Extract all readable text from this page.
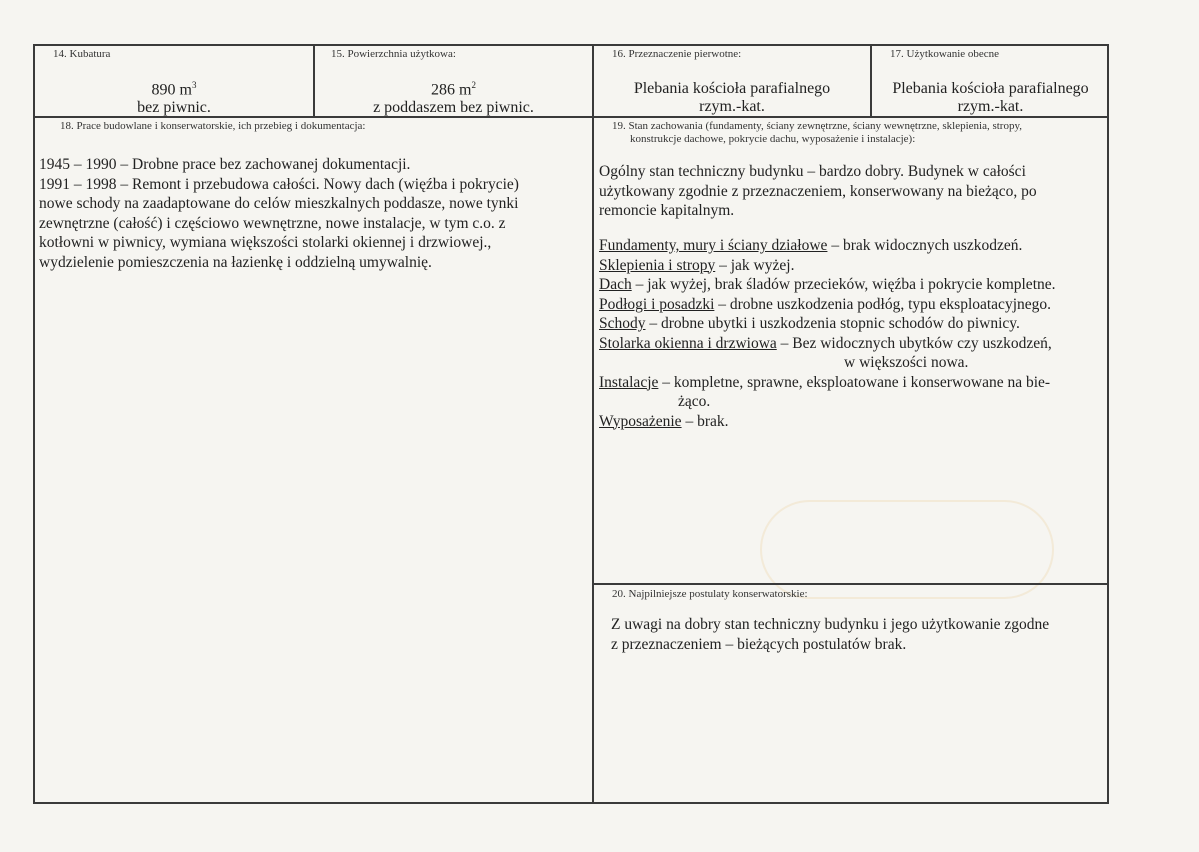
14. Kubatura
890 $m^3$
bez piwnic.
15. Powierzchnia użytkowa:
286 $m^2$
z poddaszem bez piwnic.
16. Przeznaczenie pierwotne:
Plebania kościoła parafialnego
rzym.-kat.
17. Użytkowanie obecne
Plebania kościoła parafialnego
rzym.-kat.
18. Prace budowlane i konserwatorskie, ich przebieg i dokumentacja:
1945 – 1990 – Drobne prace bez zachowanej dokumentacji.
1991 – 1998 – Remont i przebudowa całości. Nowy dach (więźba i pokrycie)
nowe schody na zaadaptowane do celów mieszkalnych poddasze, nowe tynki
zewnętrzne (całość) i częściowo wewnętrzne, nowe instalacje, w tym c.o. z
kotłowni w piwnicy, wymiana większości stolarki okiennej i drzwiowej.,
wydzielenie pomieszczenia na łazienkę i oddzielną umywalnię.
19. Stan zachowania (fundamenty, ściany zewnętrzne, ściany wewnętrzne, sklepienia, stropy,
konstrukcje dachowe, pokrycie dachu, wyposażenie i instalacje):
Ogólny stan techniczny budynku – bardzo dobry. Budynek w całości
użytkowany zgodnie z przeznaczeniem, konserwowany na bieżąco, po
remoncie kapitalnym.
Fundamenty, mury i ściany działowe – brak widocznych uszkodzeń.
Sklepienia i stropy – jak wyżej.
Dach – jak wyżej, brak śladów przecieków, więźba i pokrycie kompletne.
Podłogi i posadzki – drobne uszkodzenia podłóg, typu eksploatacyjnego.
Schody – drobne ubytki i uszkodzenia stopnic schodów do piwnicy.
Stolarka okienna i drzwiowa – Bez widocznych ubytków czy uszkodzeń,
w większości nowa.
Instalacje – kompletne, sprawne, eksploatowane i konserwowane na bie-
żąco.
Wyposażenie – brak.
20. Najpilniejsze postulaty konserwatorskie:
Z uwagi na dobry stan techniczny budynku i jego użytkowanie zgodne
z przeznaczeniem – bieżących postulatów brak.
